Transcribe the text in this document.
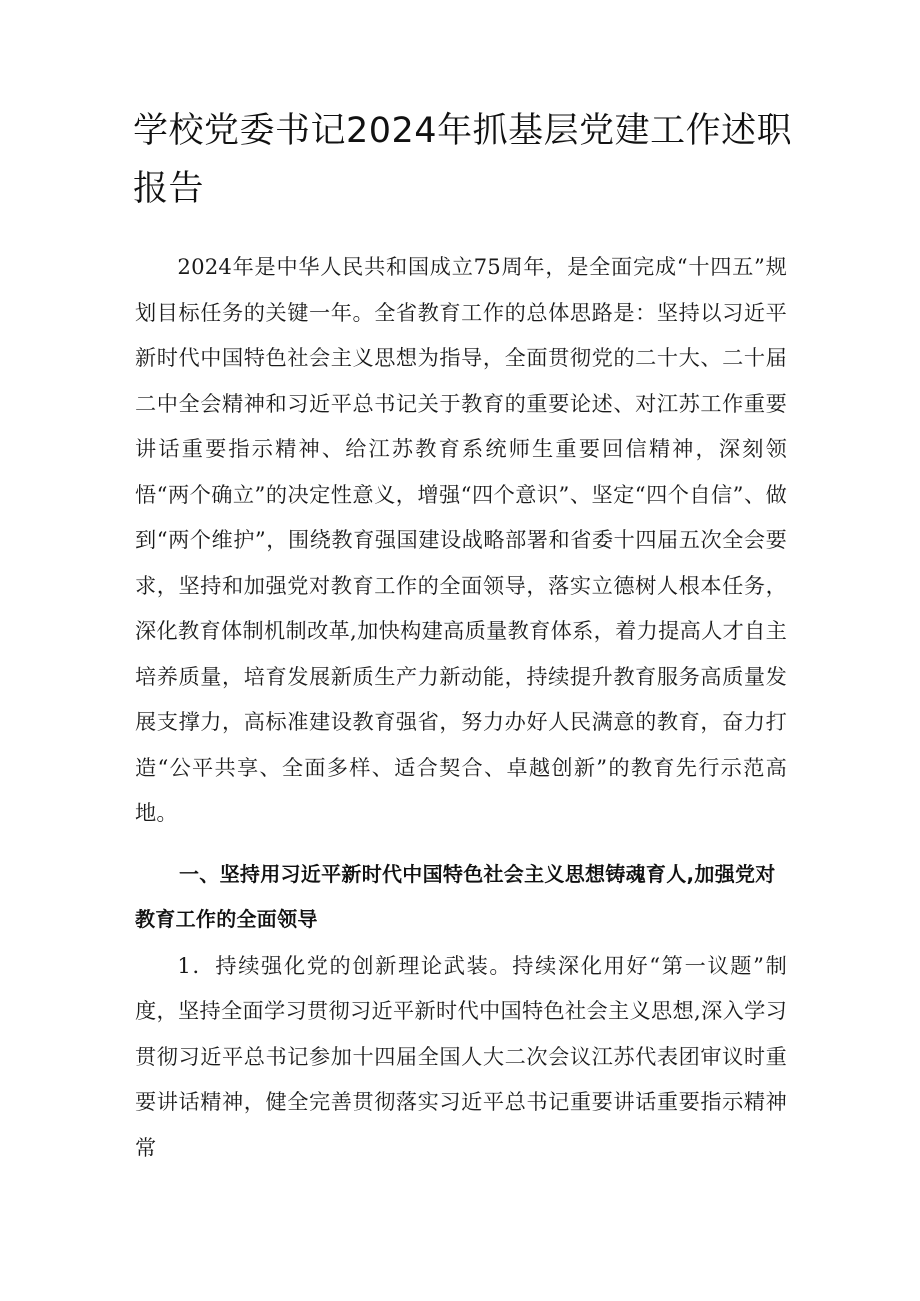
学校党委书记2024年抓基层党建工作述职报告

2024年是中华人民共和国成立75周年，是全面完成“十四五”规划目标任务的关键一年。全省教育工作的总体思路是：坚持以习近平新时代中国特色社会主义思想为指导，全面贯彻党的二十大、二十届二中全会精神和习近平总书记关于教育的重要论述、对江苏工作重要讲话重要指示精神、给江苏教育系统师生重要回信精神，深刻领悟“两个确立”的决定性意义，增强“四个意识”、坚定“四个自信”、做到“两个维护”，围绕教育强国建设战略部署和省委十四届五次全会要求，坚持和加强党对教育工作的全面领导，落实立德树人根本任务，深化教育体制机制改革,加快构建高质量教育体系，着力提高人才自主培养质量，培育发展新质生产力新动能，持续提升教育服务高质量发展支撑力，高标准建设教育强省，努力办好人民满意的教育，奋力打造“公平共享、全面多样、适合契合、卓越创新”的教育先行示范高地。

一、坚持用习近平新时代中国特色社会主义思想铸魂育人,加强党对教育工作的全面领导

1．持续强化党的创新理论武装。持续深化用好“第一议题”制度，坚持全面学习贯彻习近平新时代中国特色社会主义思想,深入学习贯彻习近平总书记参加十四届全国人大二次会议江苏代表团审议时重要讲话精神，健全完善贯彻落实习近平总书记重要讲话重要指示精神常
